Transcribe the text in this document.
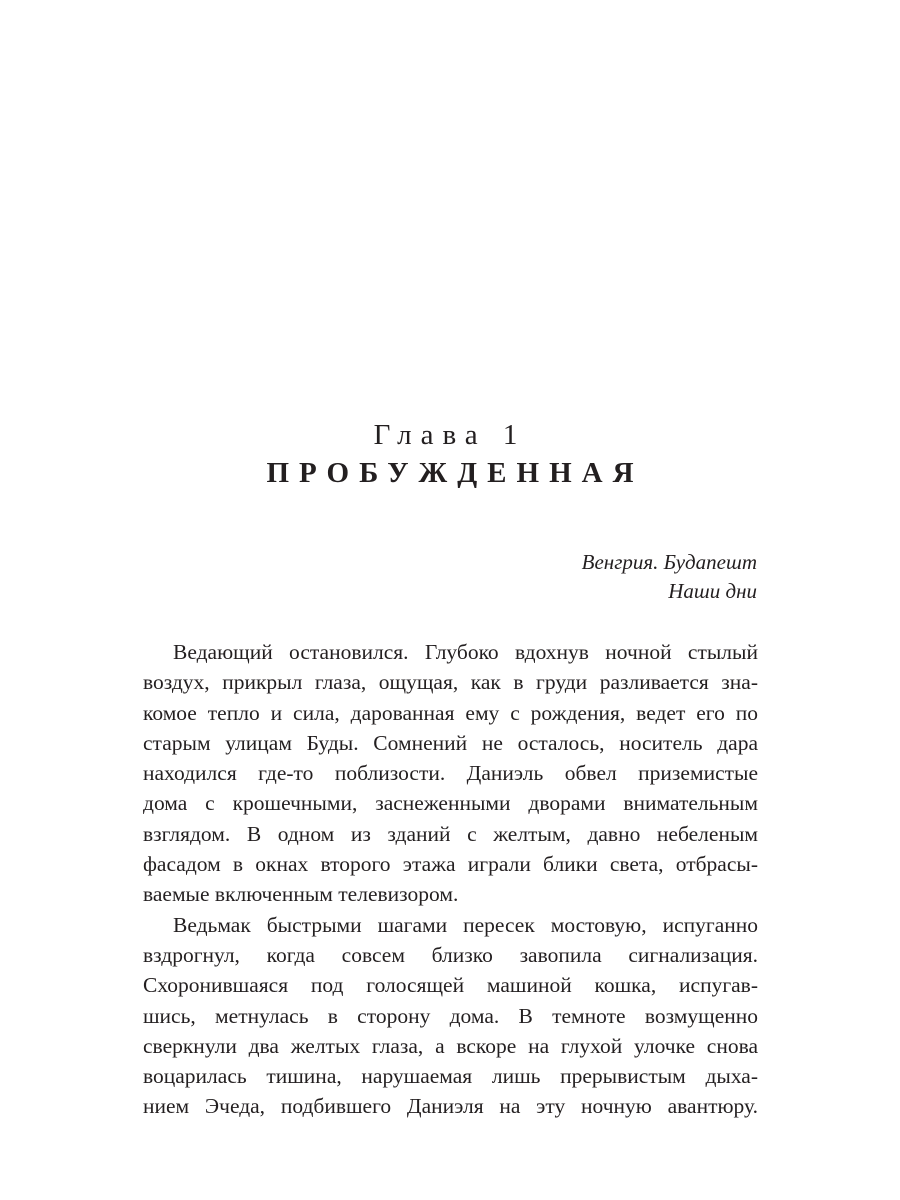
Глава 1
ПРОБУЖДЕННАЯ
Венгрия. Будапешт
Наши дни
Ведающий остановился. Глубоко вдохнув ночной стылый
воздух, прикрыл глаза, ощущая, как в груди разливается зна-
комое тепло и сила, дарованная ему с рождения, ведет его по
старым улицам Буды. Сомнений не осталось, носитель дара
находился где-то поблизости. Даниэль обвел приземистые
дома с крошечными, заснеженными дворами внимательным
взглядом. В одном из зданий с желтым, давно небеленым
фасадом в окнах второго этажа играли блики света, отбрасы-
ваемые включенным телевизором.
Ведьмак быстрыми шагами пересек мостовую, испуганно
вздрогнул, когда совсем близко завопила сигнализация.
Схоронившаяся под голосящей машиной кошка, испугав-
шись, метнулась в сторону дома. В темноте возмущенно
сверкнули два желтых глаза, а вскоре на глухой улочке снова
воцарилась тишина, нарушаемая лишь прерывистым дыха-
нием Эчеда, подбившего Даниэля на эту ночную авантюру.
